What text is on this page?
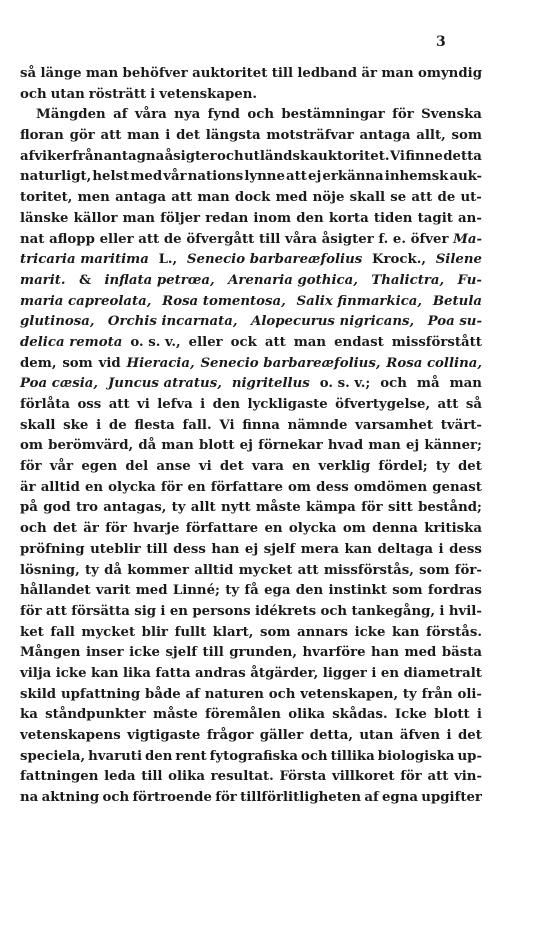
3
så länge man behöfver auktoritet till ledband är man omyndig
och utan rösträtt i vetenskapen.
Mängden af våra nya fynd och bestämningar för Svenska
floran gör att man i det längsta motsträfvar antaga allt, som
afviker från antagna åsigter och utländsk auktoritet. Vi finne detta
naturligt, helst med vår nations lynne att ej erkänna inhemsk auk-
toritet, men antaga att man dock med nöje skall se att de ut-
länske källor man följer redan inom den korta tiden tagit an-
nat aflopp eller att de öfvergått till våra åsigter f. e. öfver Ma-
tricaria maritima L., Senecio barbareæfolius Krock., Silene
marit. & inflata petrœa, Arenaria gothica, Thalictra, Fu-
maria capreolata, Rosa tomentosa, Salix finmarkica, Betula
glutinosa, Orchis incarnata, Alopecurus nigricans, Poa su-
delica remota o. s. v., eller ock att man endast missförstått
dem, som vid Hieracia, Senecio barbareæfolius, Rosa collina,
Poa cæsia, Juncus atratus, nigritellus o. s. v.; och må man
förlåta oss att vi lefva i den lyckligaste öfvertygelse, att så
skall ske i de flesta fall. Vi finna nämnde varsamhet tvärt-
om berömvärd, då man blott ej förnekar hvad man ej känner;
för vår egen del anse vi det vara en verklig fördel; ty det
är alltid en olycka för en författare om dess omdömen genast
på god tro antagas, ty allt nytt måste kämpa för sitt bestånd;
och det är för hvarje författare en olycka om denna kritiska
pröfning uteblir till dess han ej sjelf mera kan deltaga i dess
lösning, ty då kommer alltid mycket att missförstås, som för-
hållandet varit med Linné; ty få ega den instinkt som fordras
för att försätta sig i en persons idékrets och tankegång, i hvil-
ket fall mycket blir fullt klart, som annars icke kan förstås.
Mången inser icke sjelf till grunden, hvarföre han med bästa
vilja icke kan lika fatta andras åtgärder, ligger i en diametralt
skild upfattning både af naturen och vetenskapen, ty från oli-
ka ståndpunkter måste föremålen olika skådas. Icke blott i
vetenskapens vigtigaste frågor gäller detta, utan äfven i det
speciela, hvaruti den rent fytografiska och tillika biologiska up-
fattningen leda till olika resultat. Första villkoret för att vin-
na aktning och förtroende för tillförlitligheten af egna upgifter
